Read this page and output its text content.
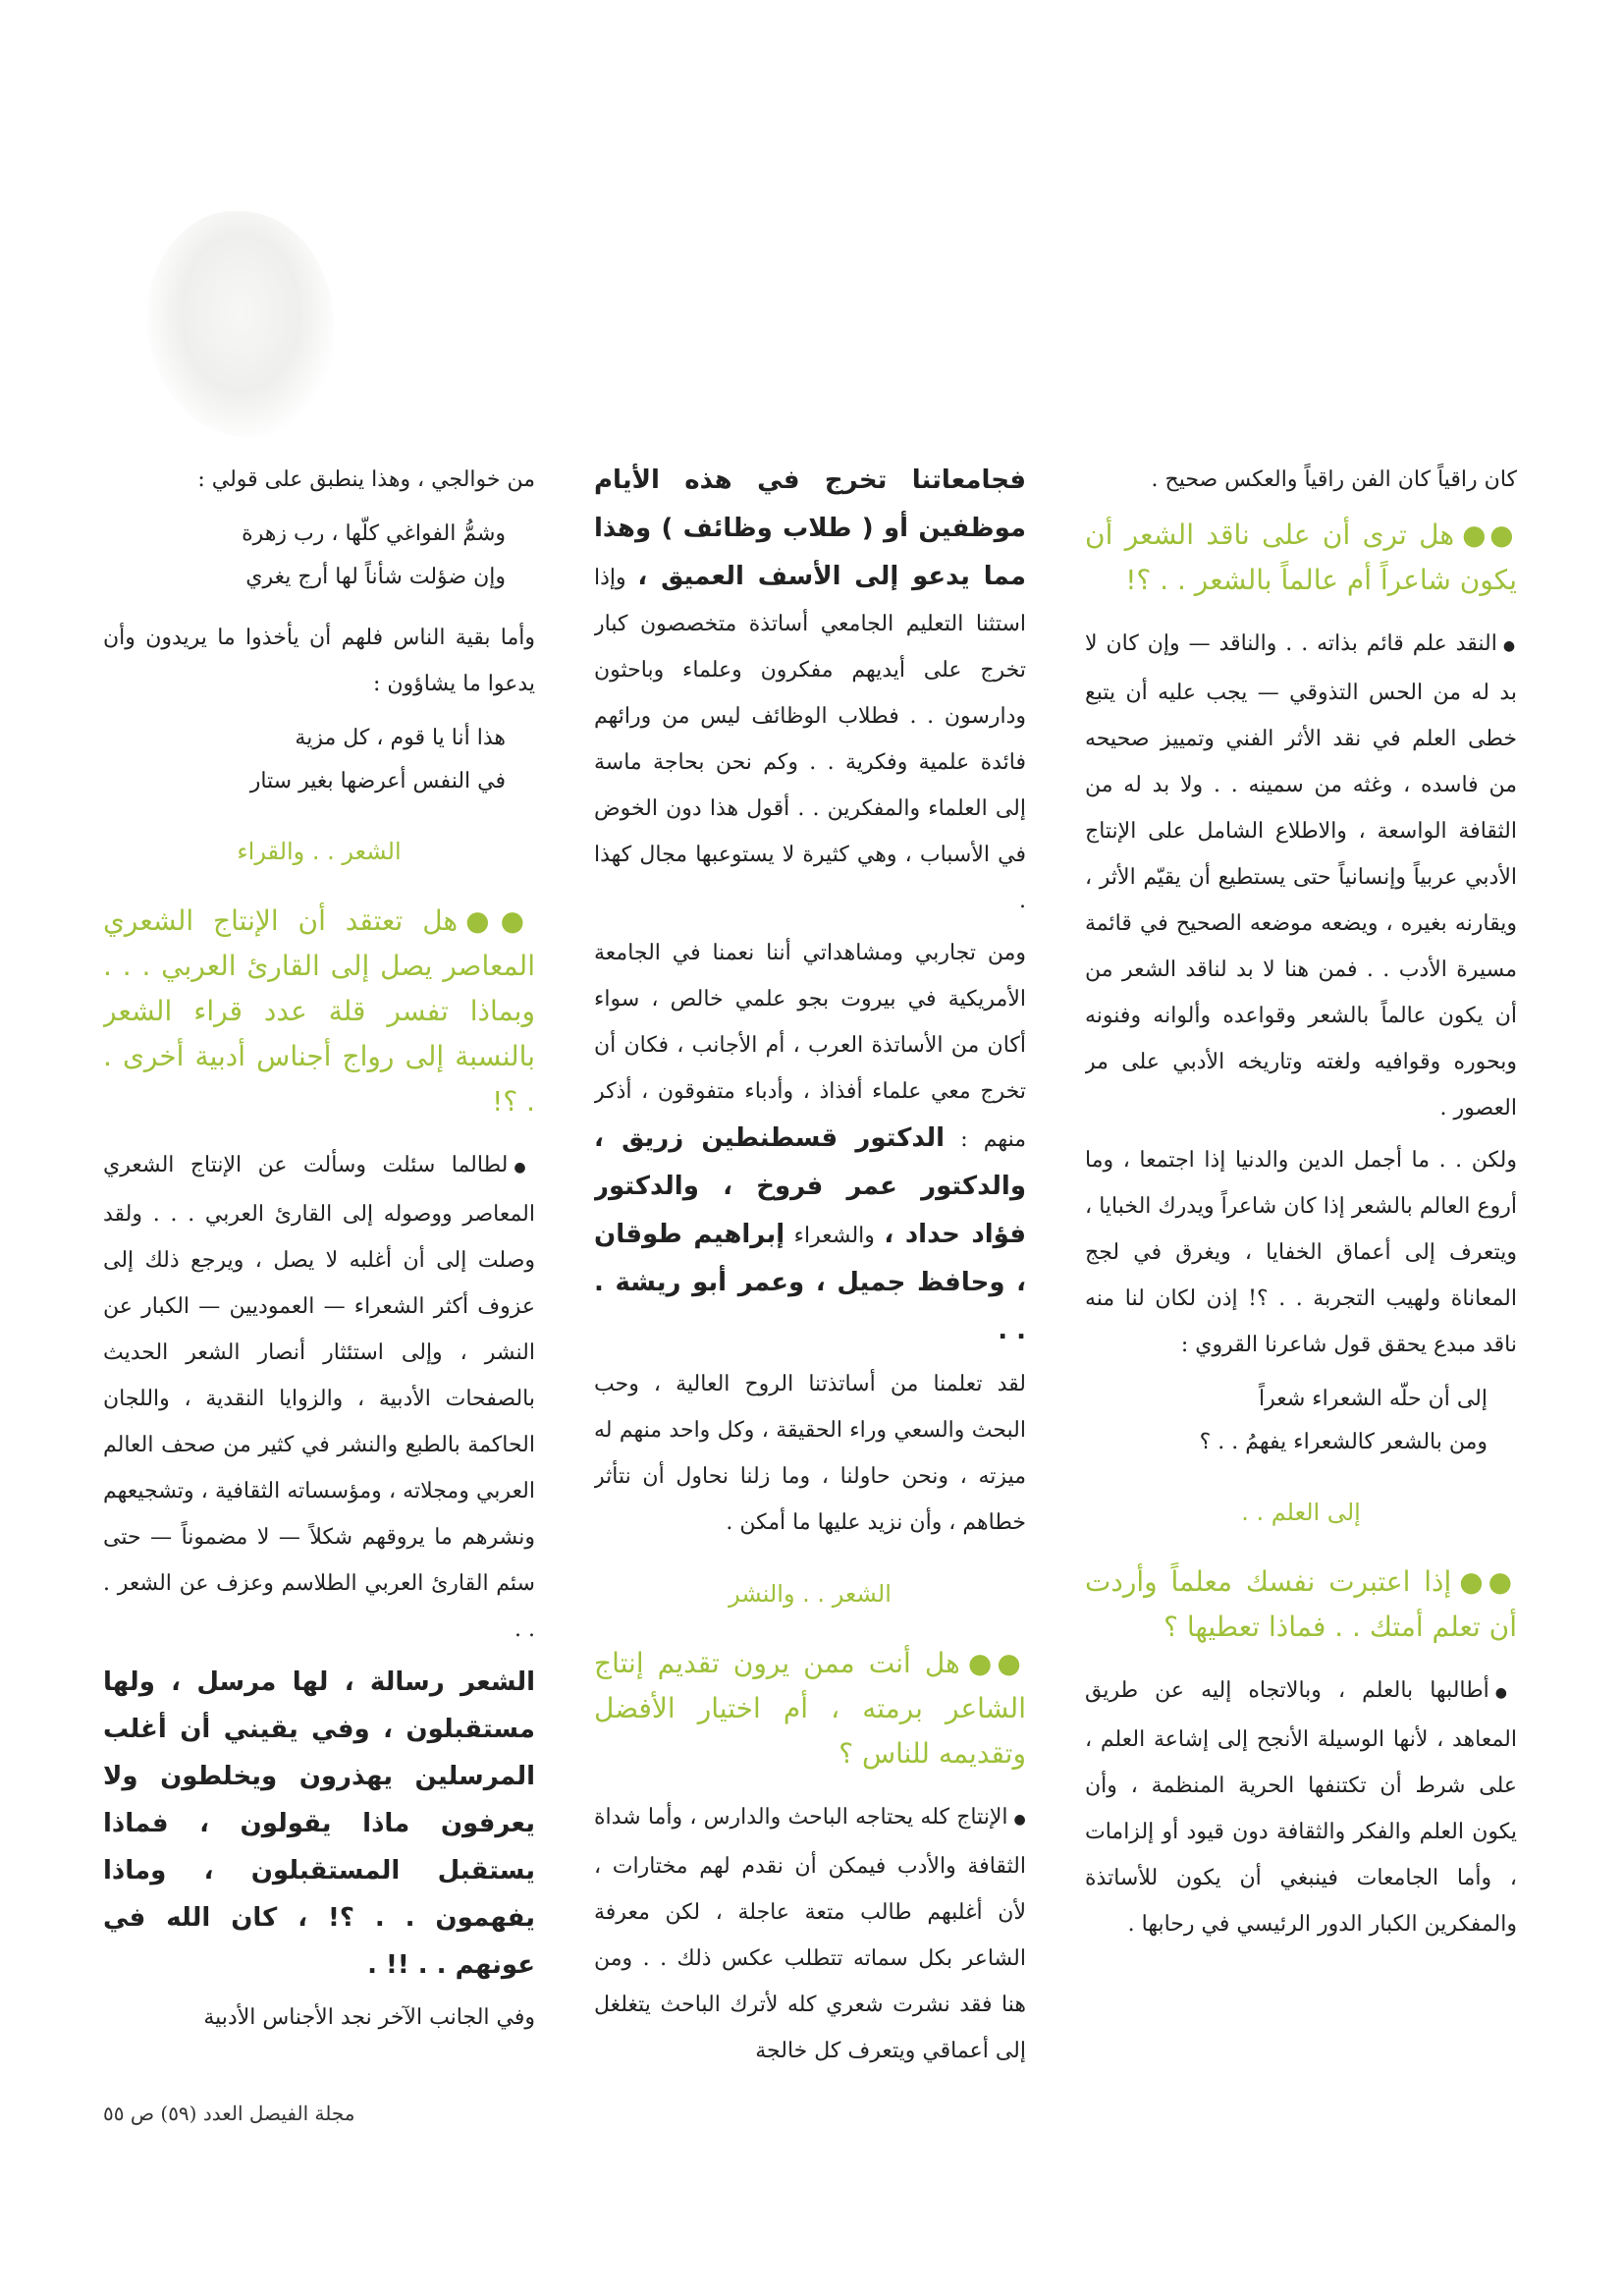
كان راقياً كان الفن راقياً والعكس صحيح .

●●هل ترى أن على ناقد الشعر أن يكون شاعراً أم عالماً بالشعر . . ؟!

●النقد علم قائم بذاته . . والناقد — وإن كان لا بد له من الحس التذوقي — يجب عليه أن يتبع خطى العلم في نقد الأثر الفني وتمييز صحيحه من فاسده ، وغثه من سمينه . . ولا بد له من الثقافة الواسعة ، والاطلاع الشامل على الإنتاج الأدبي عربياً وإنسانياً حتى يستطيع أن يقيّم الأثر ، ويقارنه بغيره ، ويضعه موضعه الصحيح في قائمة مسيرة الأدب . . فمن هنا لا بد لناقد الشعر من أن يكون عالماً بالشعر وقواعده وألوانه وفنونه وبحوره وقوافيه ولغته وتاريخه الأدبي على مر العصور .

ولكن . . ما أجمل الدين والدنيا إذا اجتمعا ، وما أروع العالم بالشعر إذا كان شاعراً ويدرك الخبايا ، ويتعرف إلى أعماق الخفايا ، ويغرق في لجج المعاناة ولهيب التجربة . . ؟! إذن لكان لنا منه ناقد مبدع يحقق قول شاعرنا القروي :

إلى أن حلّه الشعراء شعراً
ومن بالشعر كالشعراء يفهمُ . . ؟

إلى العلم . .

●●إذا اعتبرت نفسك معلماً وأردت أن تعلم أمتك . . فماذا تعطيها ؟

●أطالبها بالعلم ، وبالاتجاه إليه عن طريق المعاهد ، لأنها الوسيلة الأنجح إلى إشاعة العلم ، على شرط أن تكتنفها الحرية المنظمة ، وأن يكون العلم والفكر والثقافة دون قيود أو إلزامات ، وأما الجامعات فينبغي أن يكون للأساتذة والمفكرين الكبار الدور الرئيسي في رحابها .

فجامعاتنا تخرج في هذه الأيام موظفين أو ( طلاب وظائف ) وهذا مما يدعو إلى الأسف العميق ، وإذا استثنا التعليم الجامعي أساتذة متخصصون كبار تخرج على أيديهم مفكرون وعلماء وباحثون ودارسون . . فطلاب الوظائف ليس من ورائهم فائدة علمية وفكرية . . وكم نحن بحاجة ماسة إلى العلماء والمفكرين . . أقول هذا دون الخوض في الأسباب ، وهي كثيرة لا يستوعبها مجال كهذا .

ومن تجاربي ومشاهداتي أننا نعمنا في الجامعة الأمريكية في بيروت بجو علمي خالص ، سواء أكان من الأساتذة العرب ، أم الأجانب ، فكان أن تخرج معي علماء أفذاذ ، وأدباء متفوقون ، أذكر منهم : الدكتور قسطنطين زريق ، والدكتور عمر فروخ ، والدكتور فؤاد حداد ، والشعراء إبراهيم طوقان ، وحافظ جميل ، وعمر أبو ريشة . . .

لقد تعلمنا من أساتذتنا الروح العالية ، وحب البحث والسعي وراء الحقيقة ، وكل واحد منهم له ميزته ، ونحن حاولنا ، وما زلنا نحاول أن نتأثر خطاهم ، وأن نزيد عليها ما أمكن .

الشعر . . والنشر

●●هل أنت ممن يرون تقديم إنتاج الشاعر برمته ، أم اختيار الأفضل وتقديمه للناس ؟

●الإنتاج كله يحتاجه الباحث والدارس ، وأما شداة الثقافة والأدب فيمكن أن نقدم لهم مختارات ، لأن أغلبهم طالب متعة عاجلة ، لكن معرفة الشاعر بكل سماته تتطلب عكس ذلك . . ومن هنا فقد نشرت شعري كله لأترك الباحث يتغلغل إلى أعماقي ويتعرف كل خالجة

من خوالجي ، وهذا ينطبق على قولي :

وشمُّ الفواغي كلّها ، رب زهرة
وإن ضؤلت شأناً لها أرج يغري

وأما بقية الناس فلهم أن يأخذوا ما يريدون وأن يدعوا ما يشاؤون :

هذا أنا يا قوم ، كل مزية
في النفس أعرضها بغير ستار

الشعر . . والقراء

●●هل تعتقد أن الإنتاج الشعري المعاصر يصل إلى القارئ العربي . . . وبماذا تفسر قلة عدد قراء الشعر بالنسبة إلى رواج أجناس أدبية أخرى . . ؟!

●لطالما سئلت وسألت عن الإنتاج الشعري المعاصر ووصوله إلى القارئ العربي . . . ولقد وصلت إلى أن أغلبه لا يصل ، ويرجع ذلك إلى عزوف أكثر الشعراء — العموديين — الكبار عن النشر ، وإلى استئثار أنصار الشعر الحديث بالصفحات الأدبية ، والزوايا النقدية ، واللجان الحاكمة بالطبع والنشر في كثير من صحف العالم العربي ومجلاته ، ومؤسساته الثقافية ، وتشجيعهم ونشرهم ما يروقهم شكلاً — لا مضموناً — حتى سئم القارئ العربي الطلاسم وعزف عن الشعر . . .

الشعر رسالة ، لها مرسل ، ولها مستقبلون ، وفي يقيني أن أغلب المرسلين يهذرون ويخلطون ولا يعرفون ماذا يقولون ، فماذا يستقبل المستقبلون ، وماذا يفهمون . . ؟! ، كان الله في عونهم . . !! .

وفي الجانب الآخر نجد الأجناس الأدبية

مجلة الفيصل العدد (٥٩) ص ٥٥
